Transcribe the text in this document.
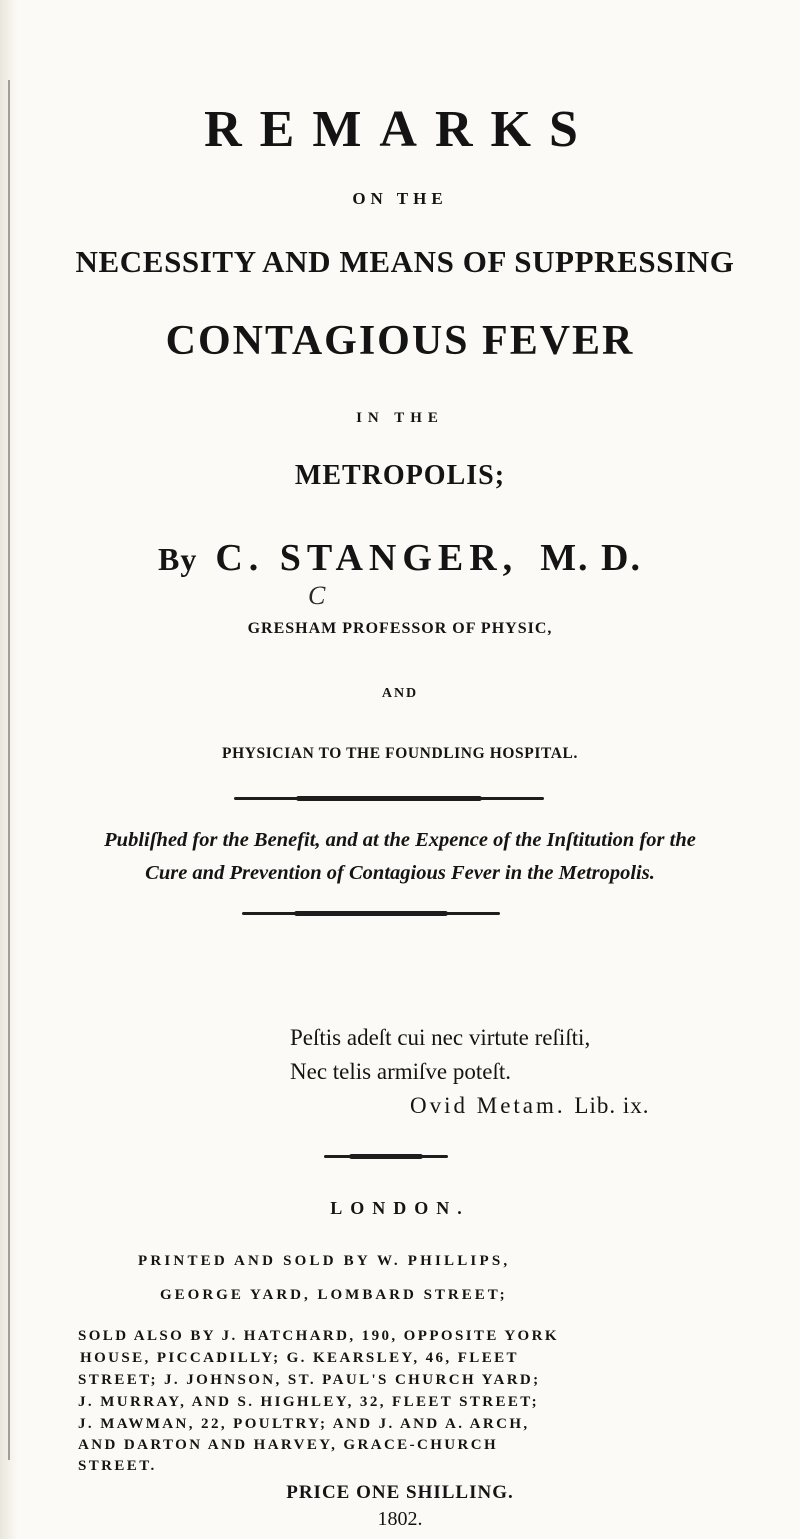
REMARKS
ON THE
NECESSITY AND MEANS OF SUPPRESSING
CONTAGIOUS FEVER
IN THE
METROPOLIS;
By C. STANGER, M. D.
C
GRESHAM PROFESSOR OF PHYSIC,
AND
PHYSICIAN TO THE FOUNDLING HOSPITAL.
Publiſhed for the Benefit, and at the Expence of the Inſtitution for the
Cure and Prevention of Contagious Fever in the Metropolis.
Peſtis adeſt cui nec virtute reſiſti,
Nec telis armiſve poteſt.
Ovid Metam. Lib. ix.
LONDON.
PRINTED AND SOLD BY W. PHILLIPS,
GEORGE YARD, LOMBARD STREET;
SOLD ALSO BY J. HATCHARD, 190, OPPOSITE YORK
HOUSE, PICCADILLY; G. KEARSLEY, 46, FLEET
STREET; J. JOHNSON, ST. PAUL'S CHURCH YARD;
J. MURRAY, AND S. HIGHLEY, 32, FLEET STREET;
J. MAWMAN, 22, POULTRY; AND J. AND A. ARCH,
AND DARTON AND HARVEY, GRACE-CHURCH
PRICE ONE SHILLING.
STREET.
1802.
